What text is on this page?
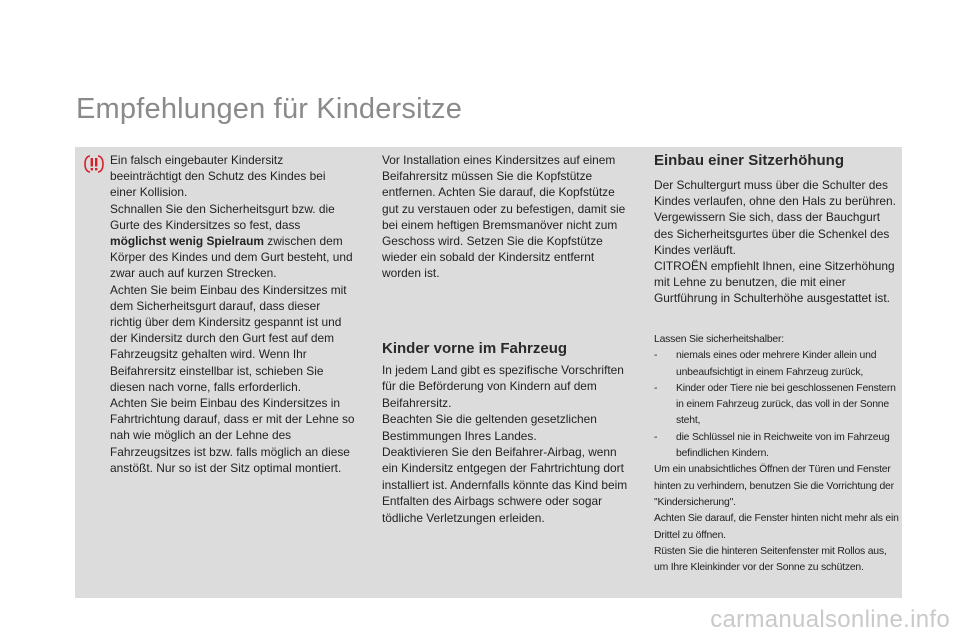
Empfehlungen für Kindersitze

Ein falsch eingebauter Kindersitz beeinträchtigt den Schutz des Kindes bei einer Kollision.

Schnallen Sie den Sicherheitsgurt bzw. die Gurte des Kindersitzes so fest, dass möglichst wenig Spielraum zwischen dem Körper des Kindes und dem Gurt besteht, und zwar auch auf kurzen Strecken.

Achten Sie beim Einbau des Kindersitzes mit dem Sicherheitsgurt darauf, dass dieser richtig über dem Kindersitz gespannt ist und der Kindersitz durch den Gurt fest auf dem Fahrzeugsitz gehalten wird. Wenn Ihr Beifahrersitz einstellbar ist, schieben Sie diesen nach vorne, falls erforderlich.

Achten Sie beim Einbau des Kindersitzes in Fahrtrichtung darauf, dass er mit der Lehne so nah wie möglich an der Lehne des Fahrzeugsitzes ist bzw. falls möglich an diese anstößt. Nur so ist der Sitz optimal montiert.

Vor Installation eines Kindersitzes auf einem Beifahrersitz müssen Sie die Kopfstütze entfernen. Achten Sie darauf, die Kopfstütze gut zu verstauen oder zu befestigen, damit sie bei einem heftigen Bremsmanöver nicht zum Geschoss wird. Setzen Sie die Kopfstütze wieder ein sobald der Kindersitz entfernt worden ist.

Kinder vorne im Fahrzeug

In jedem Land gibt es spezifische Vorschriften für die Beförderung von Kindern auf dem Beifahrersitz.

Beachten Sie die geltenden gesetzlichen Bestimmungen Ihres Landes.

Deaktivieren Sie den Beifahrer-Airbag, wenn ein Kindersitz entgegen der Fahrtrichtung dort installiert ist. Andernfalls könnte das Kind beim Entfalten des Airbags schwere oder sogar tödliche Verletzungen erleiden.

Einbau einer Sitzerhöhung

Der Schultergurt muss über die Schulter des Kindes verlaufen, ohne den Hals zu berühren.

Vergewissern Sie sich, dass der Bauchgurt des Sicherheitsgurtes über die Schenkel des Kindes verläuft.

CITROËN empfiehlt Ihnen, eine Sitzerhöhung mit Lehne zu benutzen, die mit einer Gurtführung in Schulterhöhe ausgestattet ist.

Lassen Sie sicherheitshalber:

-	niemals eines oder mehrere Kinder allein und unbeaufsichtigt in einem Fahrzeug zurück,
-	Kinder oder Tiere nie bei geschlossenen Fenstern in einem Fahrzeug zurück, das voll in der Sonne steht,
-	die Schlüssel nie in Reichweite von im Fahrzeug befindlichen Kindern.

Um ein unabsichtliches Öffnen der Türen und Fenster hinten zu verhindern, benutzen Sie die Vorrichtung der "Kindersicherung".

Achten Sie darauf, die Fenster hinten nicht mehr als ein Drittel zu öffnen.

Rüsten Sie die hinteren Seitenfenster mit Rollos aus, um Ihre Kleinkinder vor der Sonne zu schützen.

carmanualsonline.info
